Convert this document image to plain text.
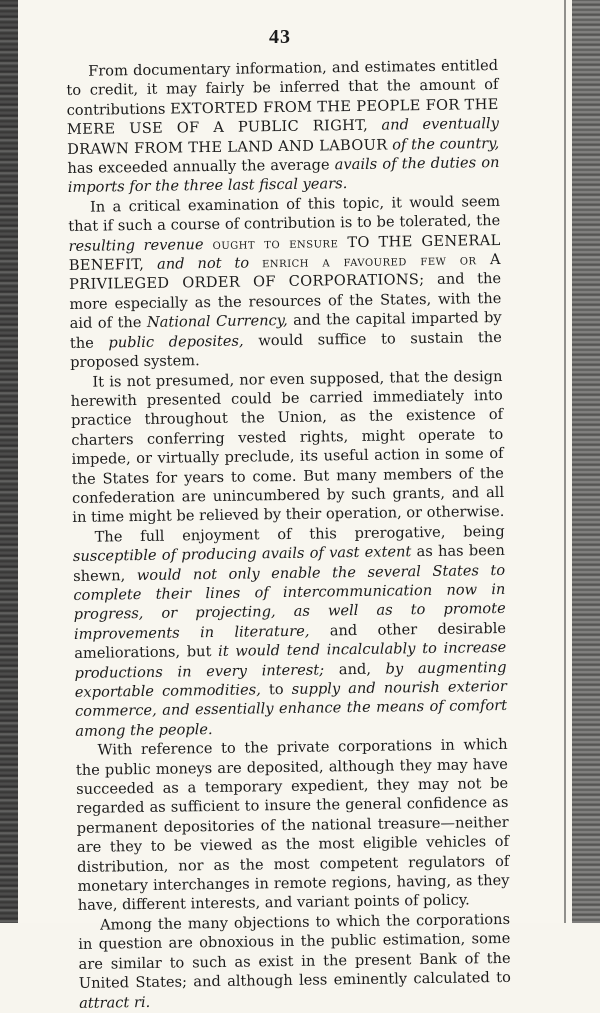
43

From documentary information, and estimates entitled to credit, it may fairly be inferred that the amount of contributions EXTORTED FROM THE PEOPLE FOR THE MERE USE OF A PUBLIC RIGHT, and eventually DRAWN FROM THE LAND AND LABOUR of the country, has exceeded annually the average avails of the duties on imports for the three last fiscal years.

In a critical examination of this topic, it would seem that if such a course of contribution is to be tolerated, the resulting revenue ought to ensure TO THE GENERAL BENEFIT, and not to enrich a favoured few or A PRIVILEGED ORDER OF CORPORATIONS; and the more especially as the resources of the States, with the aid of the National Currency, and the capital imparted by the public deposites, would suffice to sustain the proposed system.

It is not presumed, nor even supposed, that the design herewith presented could be carried immediately into practice throughout the Union, as the existence of charters conferring vested rights, might operate to impede, or virtually preclude, its useful action in some of the States for years to come. But many members of the confederation are unincumbered by such grants, and all in time might be relieved by their operation, or otherwise.

The full enjoyment of this prerogative, being susceptible of producing avails of vast extent as has been shewn, would not only enable the several States to complete their lines of intercommunication now in progress, or projecting, as well as to promote improvements in literature, and other desirable ameliorations, but it would tend incalculably to increase productions in every interest; and, by augmenting exportable commodities, to supply and nourish exterior commerce, and essentially enhance the means of comfort among the people.

With reference to the private corporations in which the public moneys are deposited, although they may have succeeded as a temporary expedient, they may not be regarded as sufficient to insure the general confidence as permanent depositories of the national treasure—neither are they to be viewed as the most eligible vehicles of distribution, nor as the most competent regulators of monetary interchanges in remote regions, having, as they have, different interests, and variant points of policy.

Among the many objections to which the corporations in question are obnoxious in the public estimation, some are similar to such as exist in the present Bank of the United States; and although less eminently calculated to attract ri.
